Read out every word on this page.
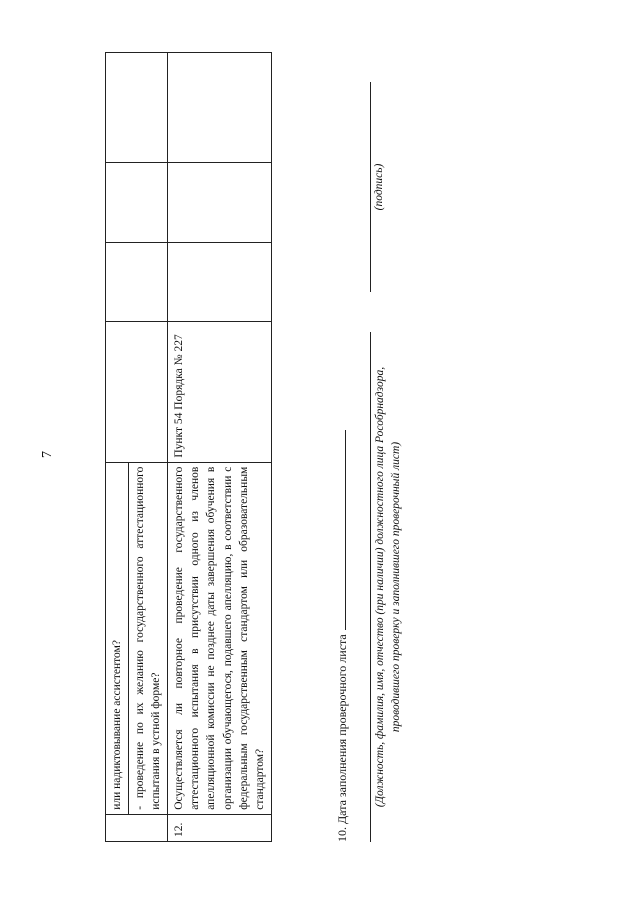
7
	или надиктовывание ассистентом?				
	- проведение по их желанию государственного аттестационного испытания в устной форме?				
12.	Осуществляется ли повторное проведение государственного аттестационного испытания в присутствии одного из членов апелляционной комиссии не позднее даты завершения обучения в организации обучающегося, подавшего апелляцию, в соответствии с федеральным государственным стандартом или образовательным стандартом?	Пункт 54 Порядка № 227			
10. Дата заполнения проверочного листа (Должность, фамилия, имя, отчество (при наличии) должностного лица Рособрнадзора, проводившего проверку и заполнившего проверочный лист)
(подпись)
